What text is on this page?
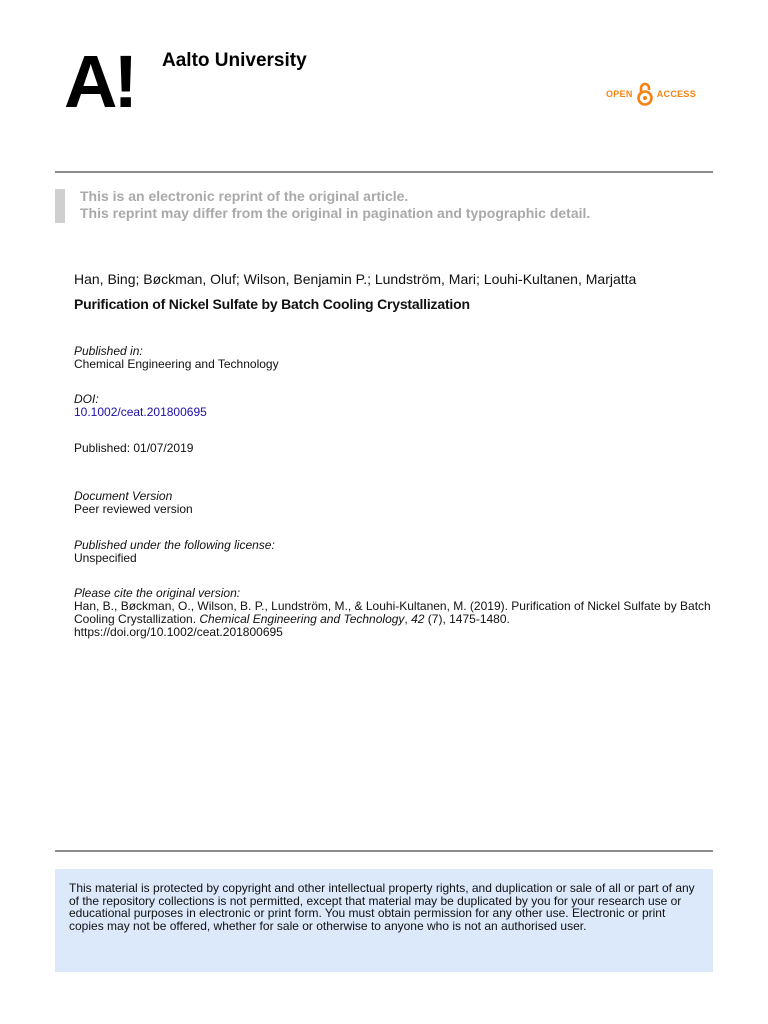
A! Aalto University
OPEN	ACCESS
This is an electronic reprint of the original article.
This reprint may differ from the original in pagination and typographic detail.
Han, Bing; Bøckman, Oluf; Wilson, Benjamin P.; Lundström, Mari; Louhi-Kultanen, Marjatta
Purification of Nickel Sulfate by Batch Cooling Crystallization
Published in:
Chemical Engineering and Technology
DOI:
10.1002/ceat.201800695
Published: 01/07/2019
Document Version
Peer reviewed version
Published under the following license:
Unspecified
Please cite the original version:
Han, B., Bøckman, O., Wilson, B. P., Lundström, M., & Louhi-Kultanen, M. (2019). Purification of Nickel Sulfate by Batch Cooling Crystallization. Chemical Engineering and Technology, 42 (7), 1475-1480.
https://doi.org/10.1002/ceat.201800695
This material is protected by copyright and other intellectual property rights, and duplication or sale of all or part of any of the repository collections is not permitted, except that material may be duplicated by you for your research use or educational purposes in electronic or print form. You must obtain permission for any other use. Electronic or print copies may not be offered, whether for sale or otherwise to anyone who is not an authorised user.
